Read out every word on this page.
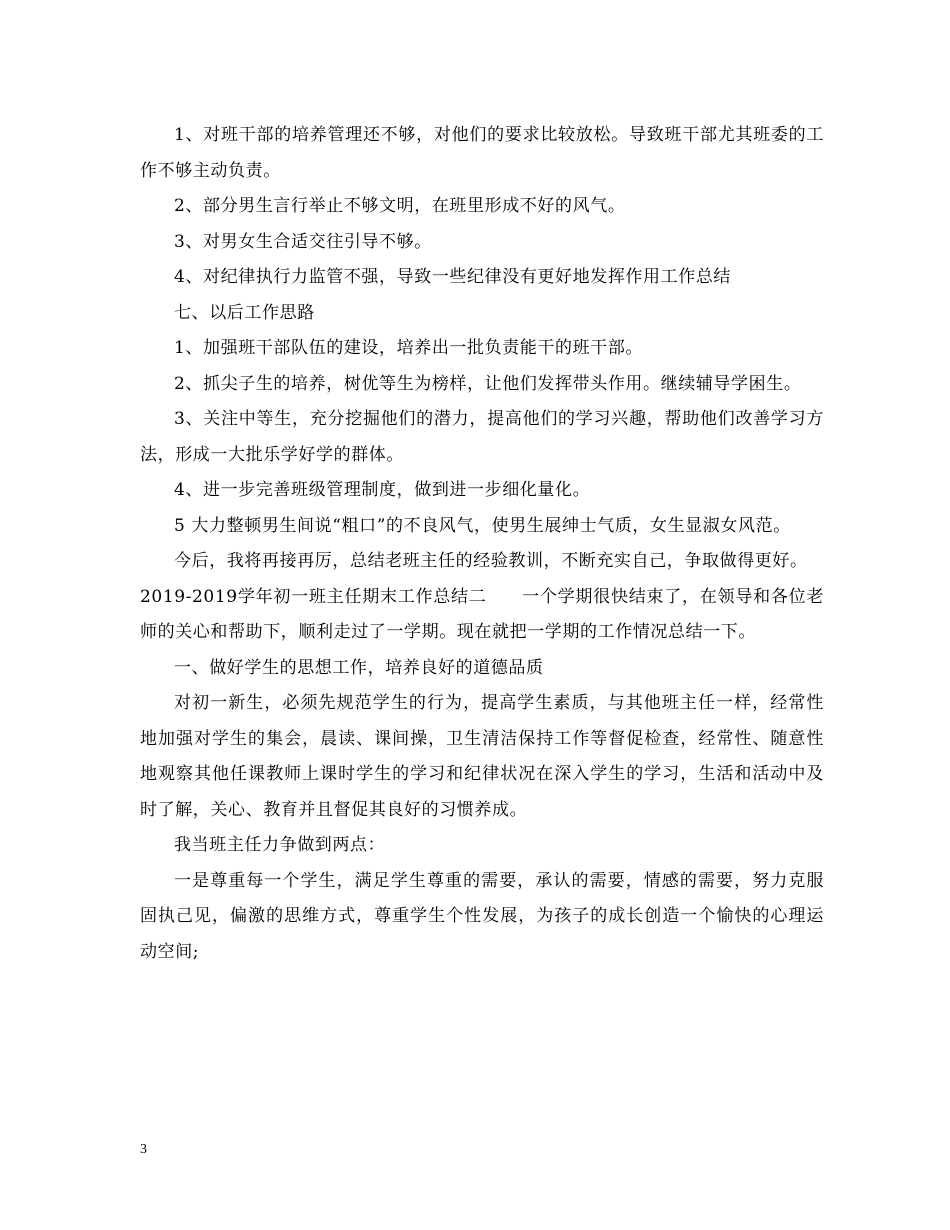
1、对班干部的培养管理还不够，对他们的要求比较放松。导致班干部尤其班委的工作不够主动负责。

2、部分男生言行举止不够文明，在班里形成不好的风气。

3、对男女生合适交往引导不够。

4、对纪律执行力监管不强，导致一些纪律没有更好地发挥作用工作总结

七、以后工作思路

1、加强班干部队伍的建设，培养出一批负责能干的班干部。

2、抓尖子生的培养，树优等生为榜样，让他们发挥带头作用。继续辅导学困生。

3、关注中等生，充分挖掘他们的潜力，提高他们的学习兴趣，帮助他们改善学习方法，形成一大批乐学好学的群体。

4、进一步完善班级管理制度，做到进一步细化量化。

5 大力整顿男生间说“粗口”的不良风气，使男生展绅士气质，女生显淑女风范。

今后，我将再接再厉，总结老班主任的经验教训，不断充实自己，争取做得更好。

2019-2019学年初一班主任期末工作总结二　　一个学期很快结束了，在领导和各位老师的关心和帮助下，顺利走过了一学期。现在就把一学期的工作情况总结一下。

一、做好学生的思想工作，培养良好的道德品质

对初一新生，必须先规范学生的行为，提高学生素质，与其他班主任一样，经常性地加强对学生的集会，晨读、课间操，卫生清洁保持工作等督促检查，经常性、随意性地观察其他任课教师上课时学生的学习和纪律状况在深入学生的学习，生活和活动中及时了解，关心、教育并且督促其良好的习惯养成。

我当班主任力争做到两点：

一是尊重每一个学生，满足学生尊重的需要，承认的需要，情感的需要，努力克服固执己见，偏激的思维方式，尊重学生个性发展，为孩子的成长创造一个愉快的心理运动空间;

3
